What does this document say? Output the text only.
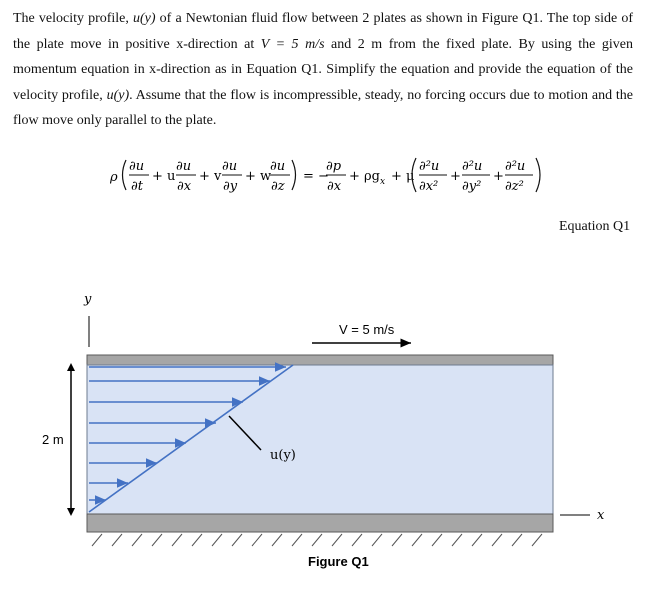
The velocity profile, u(y) of a Newtonian fluid flow between 2 plates as shown in Figure Q1. The top side of the plate move in positive x-direction at V = 5 m/s and 2 m from the fixed plate. By using the given momentum equation in x-direction as in Equation Q1. Simplify the equation and provide the equation of the velocity profile, u(y). Assume that the flow is incompressible, steady, no forcing occurs due to motion and the flow move only parallel to the plate.
ρ
∂u
∂t
+ u
∂u
∂x
+ v
∂u
∂y
+ w
∂u
∂z
= −
∂p
∂x
+ ρg x + μ
∂²u
∂x²
+
∂²u
∂y²
+
∂²u
∂z²
Equation Q1
y
V = 5 m/s
u(y)
2 m
x
Figure Q1
